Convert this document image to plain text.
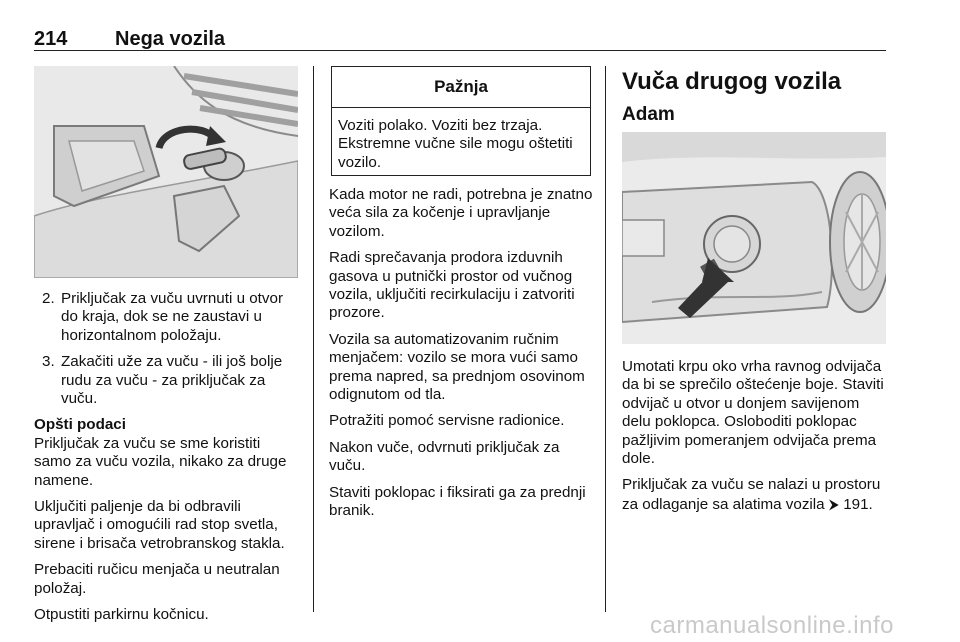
214 Nega vozila
2. Priključak za vuču uvrnuti u otvor do kraja, dok se ne zaustavi u horizontalnom položaju.
3. Zakačiti uže za vuču - ili još bolje rudu za vuču - za priključak za vuču.
Opšti podaci

Priključak za vuču se sme koristiti samo za vuču vozila, nikako za druge namene.

Uključiti paljenje da bi odbravili upravljač i omogućili rad stop svetla, sirene i brisača vetrobranskog stakla.

Prebaciti ručicu menjača u neutralan položaj.

Otpustiti parkirnu kočnicu.

Pažnja
Voziti polako. Voziti bez trzaja. Ekstremne vučne sile mogu oštetiti vozilo.

Kada motor ne radi, potrebna je znatno veća sila za kočenje i upravljanje vozilom.

Radi sprečavanja prodora izduvnih gasova u putnički prostor od vučnog vozila, uključiti recirkulaciju i zatvoriti prozore.

Vozila sa automatizovanim ručnim menjačem: vozilo se mora vući samo prema napred, sa prednjom osovinom odignutom od tla.

Potražiti pomoć servisne radionice.

Nakon vuče, odvrnuti priključak za vuču.

Staviti poklopac i fiksirati ga za prednji branik.

Vuča drugog vozila
Adam

Umotati krpu oko vrha ravnog odvijača da bi se sprečilo oštećenje boje. Staviti odvijač u otvor u donjem savijenom delu poklopca. Osloboditi poklopac pažljivim pomeranjem odvijača prema dole.

Priključak za vuču se nalazi u prostoru za odlaganje sa alatima vozila ⮞ 191.

carmanualsonline.info
